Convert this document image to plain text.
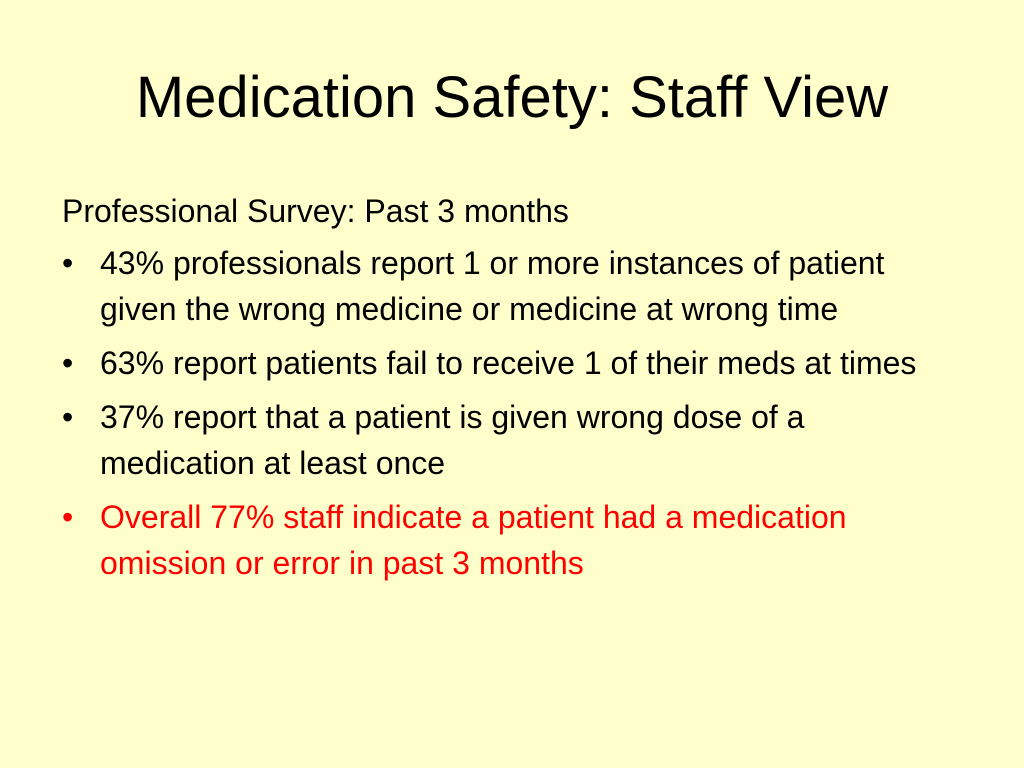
Medication Safety: Staff View

Professional Survey: Past 3 months

• 43% professionals report 1 or more instances of patient given the wrong medicine or medicine at wrong time
• 63% report patients fail to receive 1 of their meds at times
• 37% report that a patient is given wrong dose of a medication at least once
• Overall 77% staff indicate a patient had a medication omission or error in past 3 months
